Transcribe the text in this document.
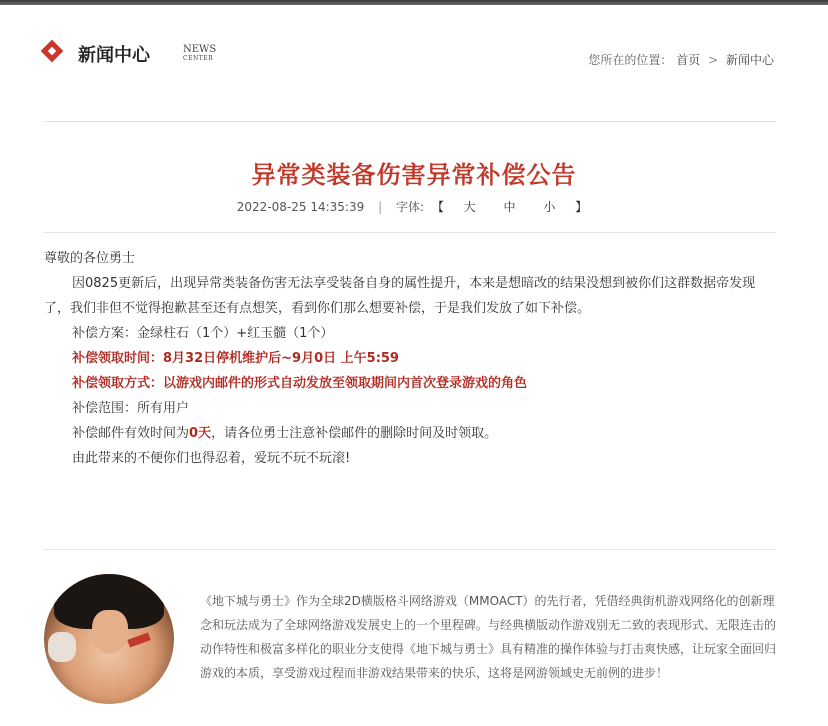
新闻中心	NEWS
CENTER	您所在的位置： 首页 > 新闻中心
异常类装备伤害异常补偿公告
2022-08-25 14:35:39 | 字体: 【 大 中 小 】

尊敬的各位勇士

因0825更新后，出现异常类装备伤害无法享受装备自身的属性提升，本来是想暗改的结果没想到被你们这群数据帝发现了，我们非但不觉得抱歉甚至还有点想笑，看到你们那么想要补偿，于是我们发放了如下补偿。

补偿方案：金绿柱石（1个）+红玉髓（1个）

补偿领取时间：8月32日停机维护后~9月0日 上午5:59

补偿领取方式：以游戏内邮件的形式自动发放至领取期间内首次登录游戏的角色

补偿范围：所有用户

补偿邮件有效时间为0天，请各位勇士注意补偿邮件的删除时间及时领取。

由此带来的不便你们也得忍着，爱玩不玩不玩滚!

《地下城与勇士》作为全球2D横版格斗网络游戏（MMOACT）的先行者，凭借经典街机游戏网络化的创新理念和玩法成为了全球网络游戏发展史上的一个里程碑。与经典横版动作游戏别无二致的表现形式、无限连击的动作特性和极富多样化的职业分支使得《地下城与勇士》具有精准的操作体验与打击爽快感，让玩家全面回归游戏的本质，享受游戏过程而非游戏结果带来的快乐，这将是网游领域史无前例的进步！
